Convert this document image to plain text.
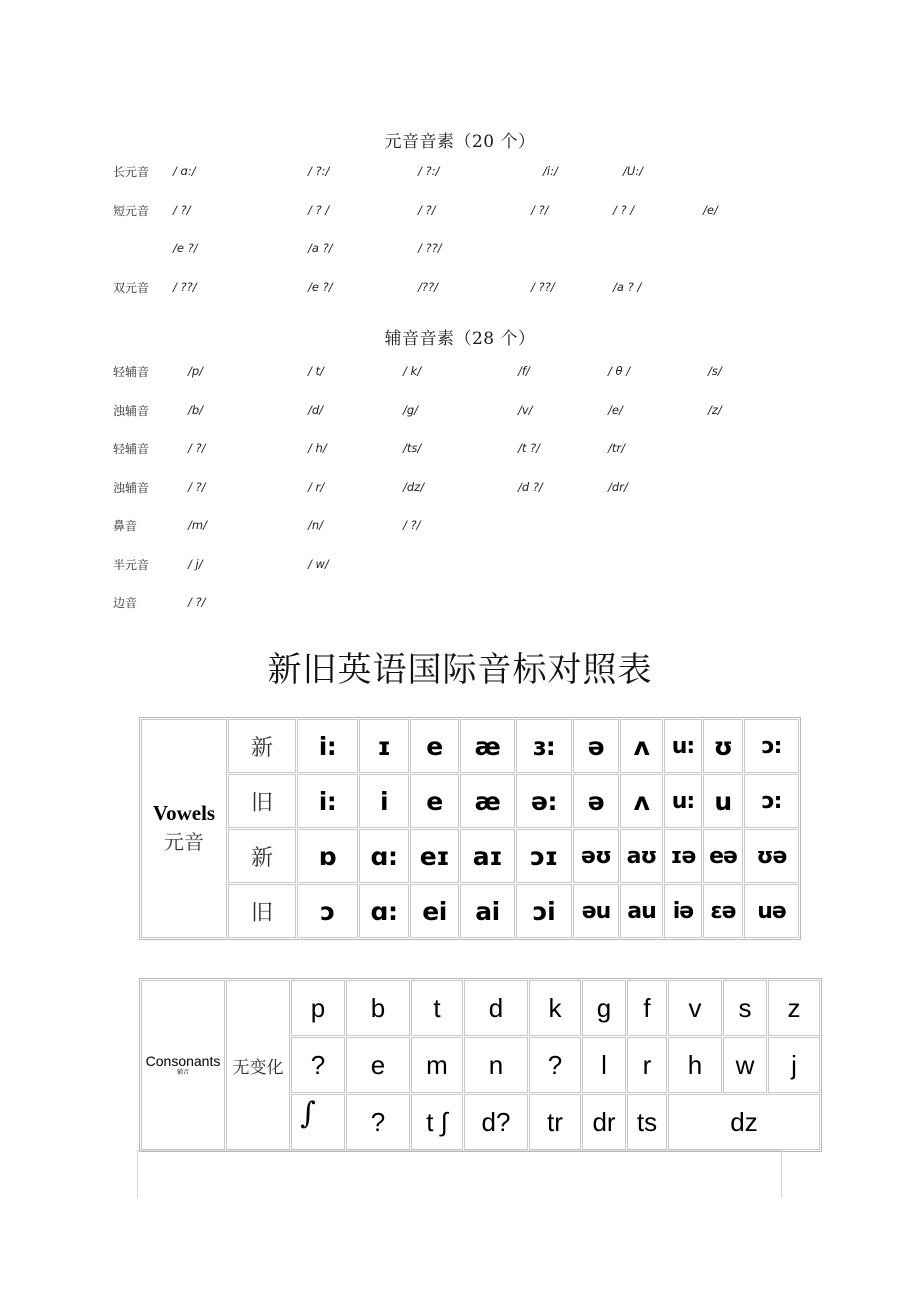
元音音素（20 个）
长元音 / ɑ:/	/ ?:/	/ ?:/	/i:/	/U:/
短元音 / ?/	/ ? /	/ ?/	/ ?/	/ ? /	/e/
/e ?/	/a ?/	/ ??/
双元音 / ??/	/e ?/	/??/	/ ??/	/a ? /
辅音音素（28 个）
轻辅音	/p/	/ t/	/ k/	/f/	/ θ /	/s/
浊辅音	/b/	/d/	/g/	/v/	/e/	/z/
轻辅音	/ ?/	/ h/	/ts/	/t ?/	/tr/
浊辅音	/ ?/	/ r/	/dz/	/d ?/	/dr/
鼻音	/m/	/n/	/ ?/
半元音	/ j/	/ w/
边音	/ ?/
新旧英语国际音标对照表
Vowels
元音	新	i:	ɪ	e	æ	ɜ:	ə	ʌ	u:	ʊ	ɔ:
	旧	i:	i	e	æ	ə:	ə	ʌ	u:	u	ɔ:
	新	ɒ	ɑ:	eɪ	aɪ	ɔɪ	əʊ	aʊ	ɪə	eə	ʊə
	旧	ɔ	ɑ:	ei	ai	ɔi	əu	au	iə	ɛə	uə
Consonants
辅音	无变化	p	b	t	d	k	g	f	v	s	z
		?	e	m	n	?	l	r	h	w	j
		∫	?	t ∫	d?	tr	dr	ts	dz		
